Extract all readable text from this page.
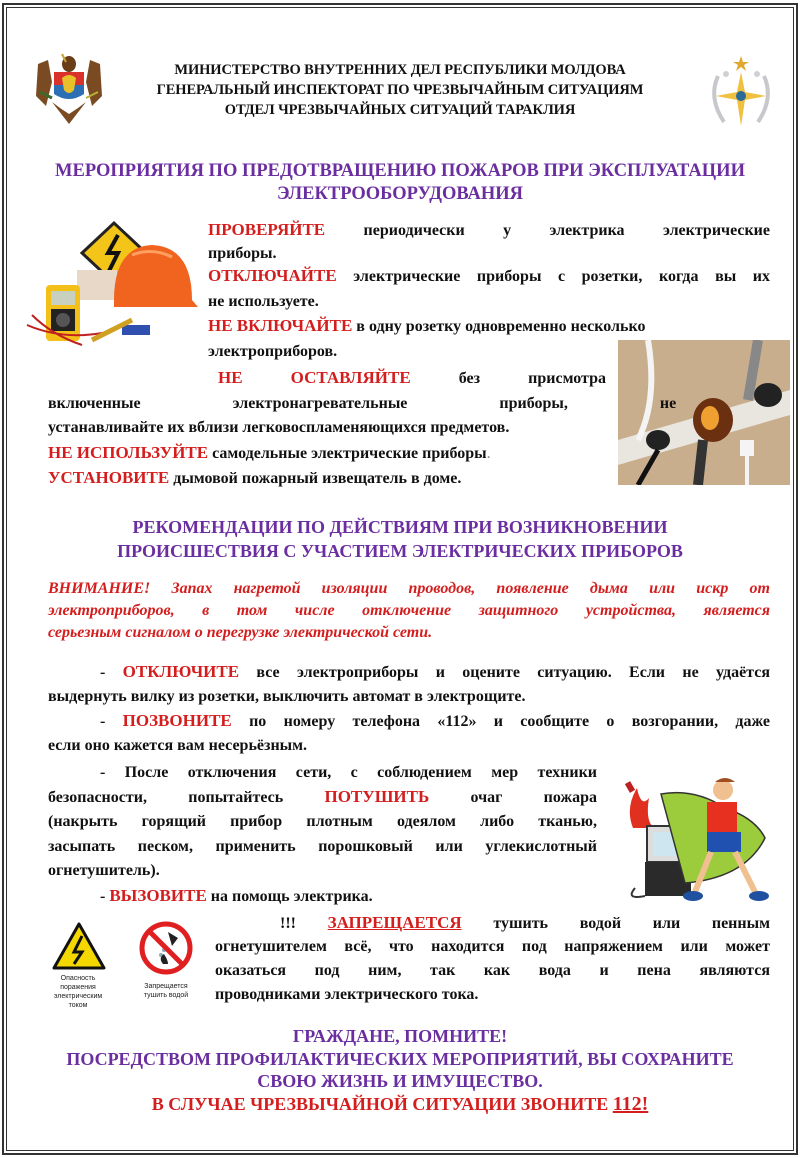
МИНИСТЕРСТВО ВНУТРЕННИХ ДЕЛ РЕСПУБЛИКИ МОЛДОВА
ГЕНЕРАЛЬНЫЙ ИНСПЕКТОРАТ ПО ЧРЕЗВЫЧАЙНЫМ СИТУАЦИЯМ
ОТДЕЛ ЧРЕЗВЫЧАЙНЫХ СИТУАЦИЙ ТАРАКЛИЯ
МЕРОПРИЯТИЯ ПО ПРЕДОТВРАЩЕНИЮ ПОЖАРОВ ПРИ ЭКСПЛУАТАЦИИ
ЭЛЕКТРООБОРУДОВАНИЯ
ПРОВЕРЯЙТЕ периодически у электрика электрические
приборы.
ОТКЛЮЧАЙТЕ электрические приборы с розетки, когда вы их
не используете.
НЕ ВКЛЮЧАЙТЕ в одну розетку одновременно несколько
электроприборов.
НЕ	ОСТАВЛЯЙТЕ	без	присмотра
включенные электронагревательные приборы, не
устанавливайте их вблизи легковоспламеняющихся предметов.
НЕ ИСПОЛЬЗУЙТЕ самодельные электрические приборы.
УСТАНОВИТЕ дымовой пожарный извещатель в доме.
РЕКОМЕНДАЦИИ ПО ДЕЙСТВИЯМ ПРИ ВОЗНИКНОВЕНИИ
ПРОИСШЕСТВИЯ С УЧАСТИЕМ ЭЛЕКТРИЧЕСКИХ ПРИБОРОВ
ВНИМАНИЕ! Запах нагретой изоляции проводов, появление дыма или искр от
электроприборов, в том числе отключение защитного устройства, является
серьезным сигналом о перегрузке электрической сети.
- ОТКЛЮЧИТЕ все электроприборы и оцените ситуацию. Если не удаётся
выдернуть вилку из розетки, выключить автомат в электрощите.
- ПОЗВОНИТЕ по номеру телефона «112» и сообщите о возгорании, даже
если оно кажется вам несерьёзным.
- После отключения сети, с соблюдением мер техники
безопасности,	попытайтесь ПОТУШИТЬ	очаг	пожара
(накрыть горящий прибор плотным одеялом либо тканью,
засыпать песком, применить порошковый или углекислотный
огнетушитель).
- ВЫЗОВИТЕ на помощь электрика.
Опасность
поражения
электрическим
током
Запрещается
тушить водой
!!! ЗАПРЕЩАЕТСЯ тушить водой или пенным
огнетушителем всё, что находится под напряжением или может
оказаться под ним, так как вода и пена являются
проводниками электрического тока.
ГРАЖДАНЕ, ПОМНИТЕ!
ПОСРЕДСТВОМ ПРОФИЛАКТИЧЕСКИХ МЕРОПРИЯТИЙ, ВЫ СОХРАНИТЕ
СВОЮ ЖИЗНЬ И ИМУЩЕСТВО.
В СЛУЧАЕ ЧРЕЗВЫЧАЙНОЙ СИТУАЦИИ ЗВОНИТЕ 112!
